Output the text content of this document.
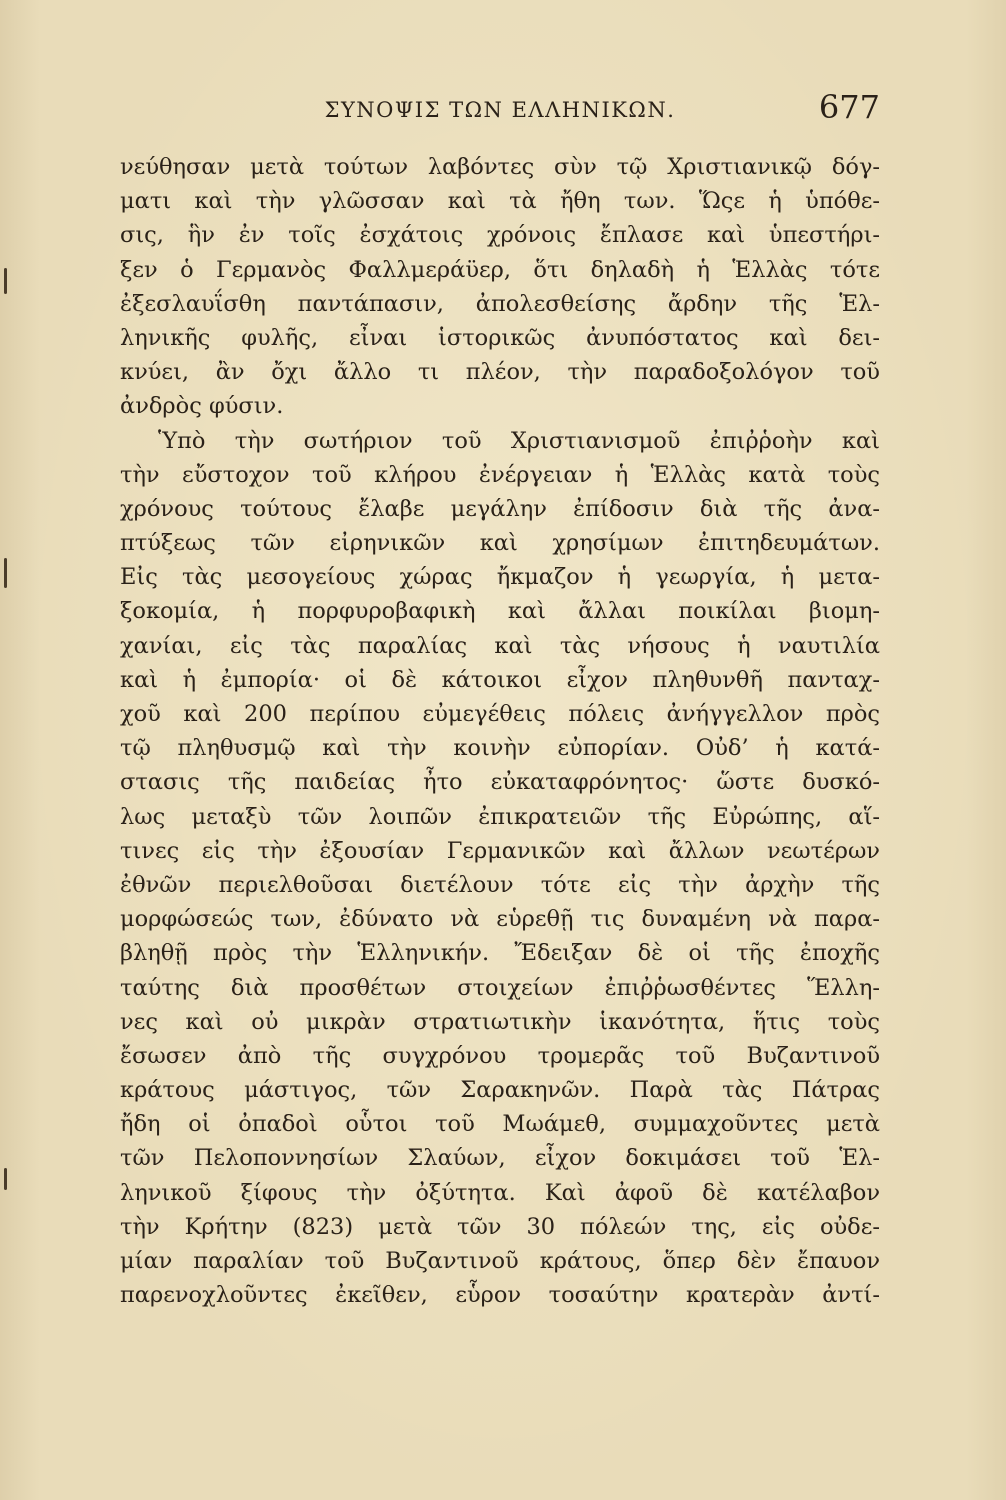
ΣΥΝΟΨΙΣ ΤΩΝ ΕΛΛΗΝΙΚΩΝ.	677
νεύθησαν μετὰ τούτων λαβόντες σὺν τῷ Χριστιανικῷ δόγ-
ματι καὶ τὴν γλῶσσαν καὶ τὰ ἤθη των. Ὥςε ἡ ὑπόθε-
σις, ἣν ἐν τοῖς ἐσχάτοις χρόνοις ἔπλασε καὶ ὑπεστήρι-
ξεν ὁ Γερμανὸς Φαλλμεράϋερ, ὅτι δηλαδὴ ἡ Ἑλλὰς τότε
ἐξεσλαυΐσθη παντάπασιν, ἀπολεσθείσης ἄρδην τῆς Ἑλ-
ληνικῆς φυλῆς, εἶναι ἱστορικῶς ἀνυπόστατος καὶ δει-
κνύει, ἂν ὄχι ἄλλο τι πλέον, τὴν παραδοξολόγον τοῦ
ἀνδρὸς φύσιν.
Ὑπὸ τὴν σωτήριον τοῦ Χριστιανισμοῦ ἐπιῤῥοὴν καὶ
τὴν εὔστοχον τοῦ κλήρου ἐνέργειαν ἡ Ἑλλὰς κατὰ τοὺς
χρόνους τούτους ἔλαβε μεγάλην ἐπίδοσιν διὰ τῆς ἀνα-
πτύξεως τῶν εἰρηνικῶν καὶ χρησίμων ἐπιτηδευμάτων.
Εἰς τὰς μεσογείους χώρας ἤκμαζον ἡ γεωργία, ἡ μετα-
ξοκομία, ἡ πορφυροβαφικὴ καὶ ἄλλαι ποικίλαι βιομη-
χανίαι, εἰς τὰς παραλίας καὶ τὰς νήσους ἡ ναυτιλία
καὶ ἡ ἐμπορία· οἱ δὲ κάτοικοι εἶχον πληθυνθῆ πανταχ-
χοῦ καὶ 200 περίπου εὐμεγέθεις πόλεις ἀνήγγελλον πρὸς
τῷ πληθυσμῷ καὶ τὴν κοινὴν εὐπορίαν. Οὐδ’ ἡ κατά-
στασις τῆς παιδείας ἦτο εὐκαταφρόνητος· ὥστε δυσκό-
λως μεταξὺ τῶν λοιπῶν ἐπικρατειῶν τῆς Εὐρώπης, αἵ-
τινες εἰς τὴν ἐξουσίαν Γερμανικῶν καὶ ἄλλων νεωτέρων
ἐθνῶν περιελθοῦσαι διετέλουν τότε εἰς τὴν ἀρχὴν τῆς
μορφώσεώς των, ἐδύνατο νὰ εὑρεθῇ τις δυναμένη νὰ παρα-
βληθῇ πρὸς τὴν Ἑλληνικήν. Ἔδειξαν δὲ οἱ τῆς ἐποχῆς
ταύτης διὰ προσθέτων στοιχείων ἐπιῤῥωσθέντες Ἕλλη-
νες καὶ οὐ μικρὰν στρατιωτικὴν ἱκανότητα, ἥτις τοὺς
ἔσωσεν ἀπὸ τῆς συγχρόνου τρομερᾶς τοῦ Βυζαντινοῦ
κράτους μάστιγος, τῶν Σαρακηνῶν. Παρὰ τὰς Πάτρας
ἤδη οἱ ὀπαδοὶ οὗτοι τοῦ Μωάμεθ, συμμαχοῦντες μετὰ
τῶν Πελοποννησίων Σλαύων, εἶχον δοκιμάσει τοῦ Ἑλ-
ληνικοῦ ξίφους τὴν ὀξύτητα. Καὶ ἀφοῦ δὲ κατέλαβον
τὴν Κρήτην (823) μετὰ τῶν 30 πόλεών της, εἰς οὐδε-
μίαν παραλίαν τοῦ Βυζαντινοῦ κράτους, ὅπερ δὲν ἔπαυον
παρενοχλοῦντες ἐκεῖθεν, εὗρον τοσαύτην κρατερὰν ἀντί-
